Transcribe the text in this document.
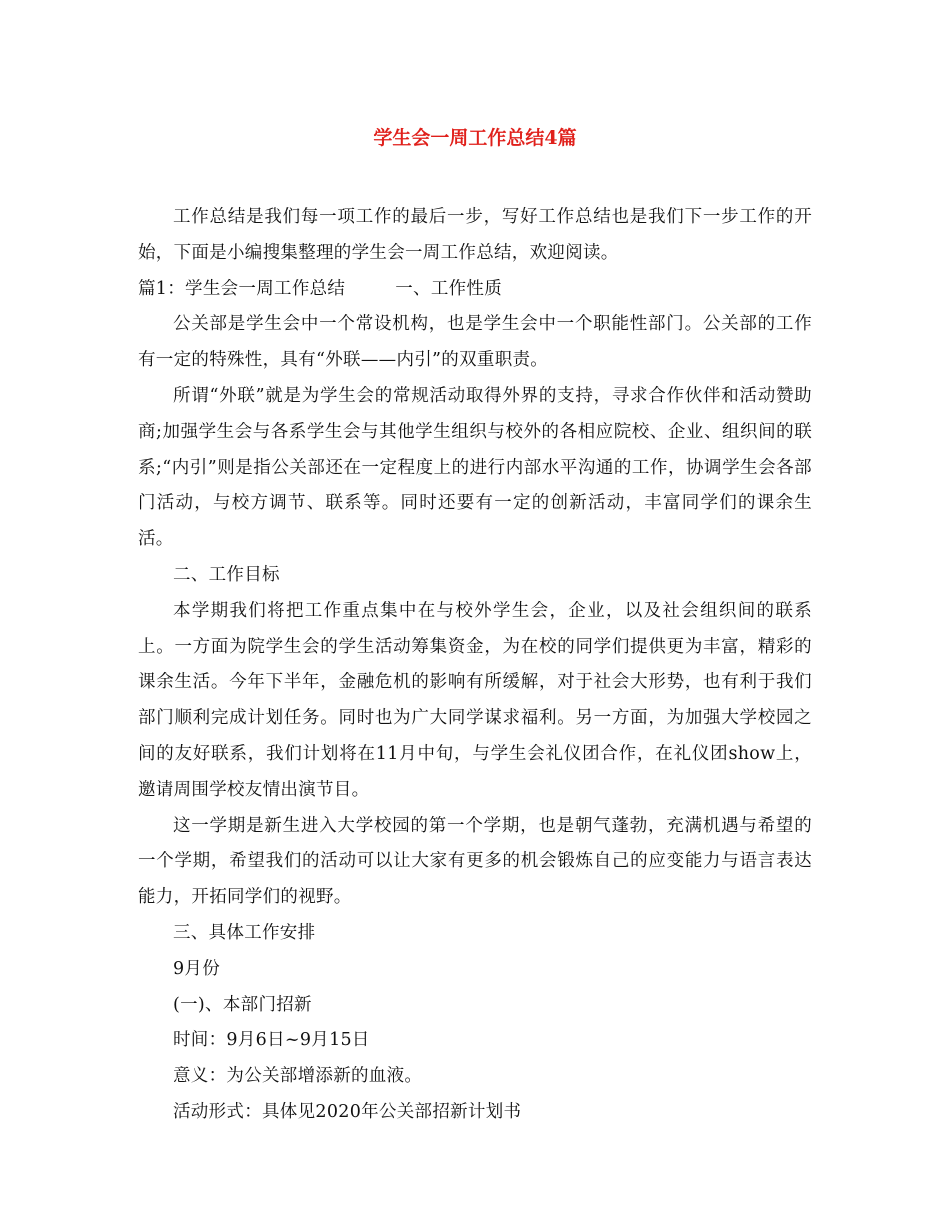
学生会一周工作总结4篇

工作总结是我们每一项工作的最后一步，写好工作总结也是我们下一步工作的开始，下面是小编搜集整理的学生会一周工作总结，欢迎阅读。

篇1：学生会一周工作总结	一、工作性质

公关部是学生会中一个常设机构，也是学生会中一个职能性部门。公关部的工作有一定的特殊性，具有“外联——内引”的双重职责。

所谓“外联”就是为学生会的常规活动取得外界的支持，寻求合作伙伴和活动赞助商;加强学生会与各系学生会与其他学生组织与校外的各相应院校、企业、组织间的联系;“内引”则是指公关部还在一定程度上的进行内部水平沟通的工作，协调学生会各部门活动，与校方调节、联系等。同时还要有一定的创新活动，丰富同学们的课余生活。

二、工作目标

本学期我们将把工作重点集中在与校外学生会，企业，以及社会组织间的联系上。一方面为院学生会的学生活动筹集资金，为在校的同学们提供更为丰富，精彩的课余生活。今年下半年，金融危机的影响有所缓解，对于社会大形势，也有利于我们部门顺利完成计划任务。同时也为广大同学谋求福利。另一方面，为加强大学校园之间的友好联系，我们计划将在11月中旬，与学生会礼仪团合作，在礼仪团show上，邀请周围学校友情出演节目。

这一学期是新生进入大学校园的第一个学期，也是朝气蓬勃，充满机遇与希望的一个学期，希望我们的活动可以让大家有更多的机会锻炼自己的应变能力与语言表达能力，开拓同学们的视野。

三、具体工作安排

9月份

(一)、本部门招新

时间：9月6日~9月15日

意义：为公关部增添新的血液。

活动形式：具体见2020年公关部招新计划书
